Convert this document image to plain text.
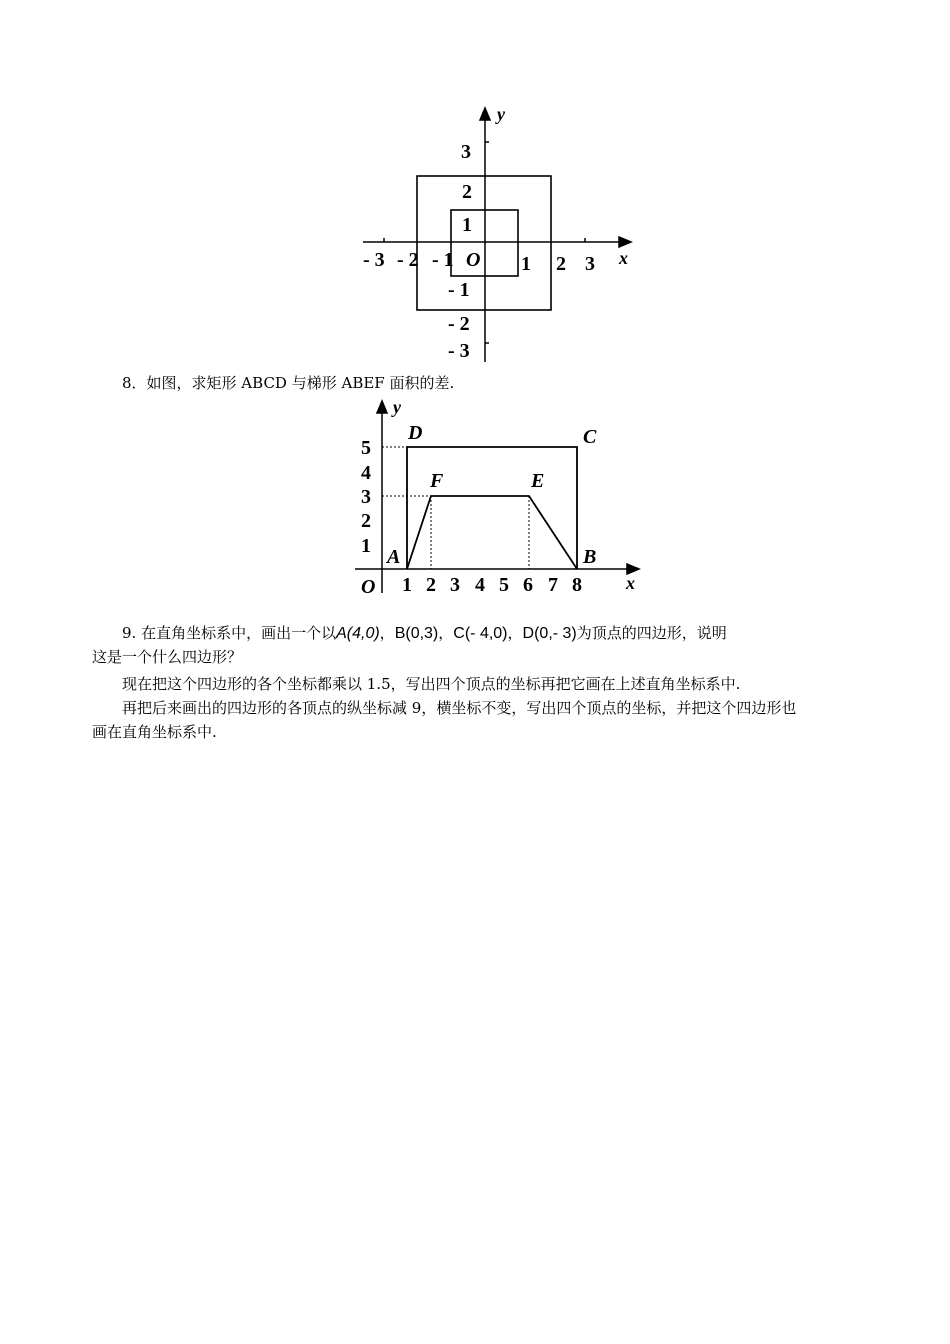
- 3 - 2 - 1	1 2 3
O	x
3
2
1
- 1
- 2
- 3
y
8．如图，求矩形 ABCD 与梯形 ABEF 面积的差.
5
4
3
2
1
1 2 3 4 5 6 7 8
O	x
y
A	B
C
D
E
F
9. 在直角坐标系中，画出一个以A(4,0)，B(0,3)，C(- 4,0)，D(0,- 3)为顶点的四边形，说明
这是一个什么四边形？
现在把这个四边形的各个坐标都乘以 1.5，写出四个顶点的坐标再把它画在上述直角坐标系中.
再把后来画出的四边形的各顶点的纵坐标减 9，横坐标不变，写出四个顶点的坐标，并把这个四边形也
画在直角坐标系中.
